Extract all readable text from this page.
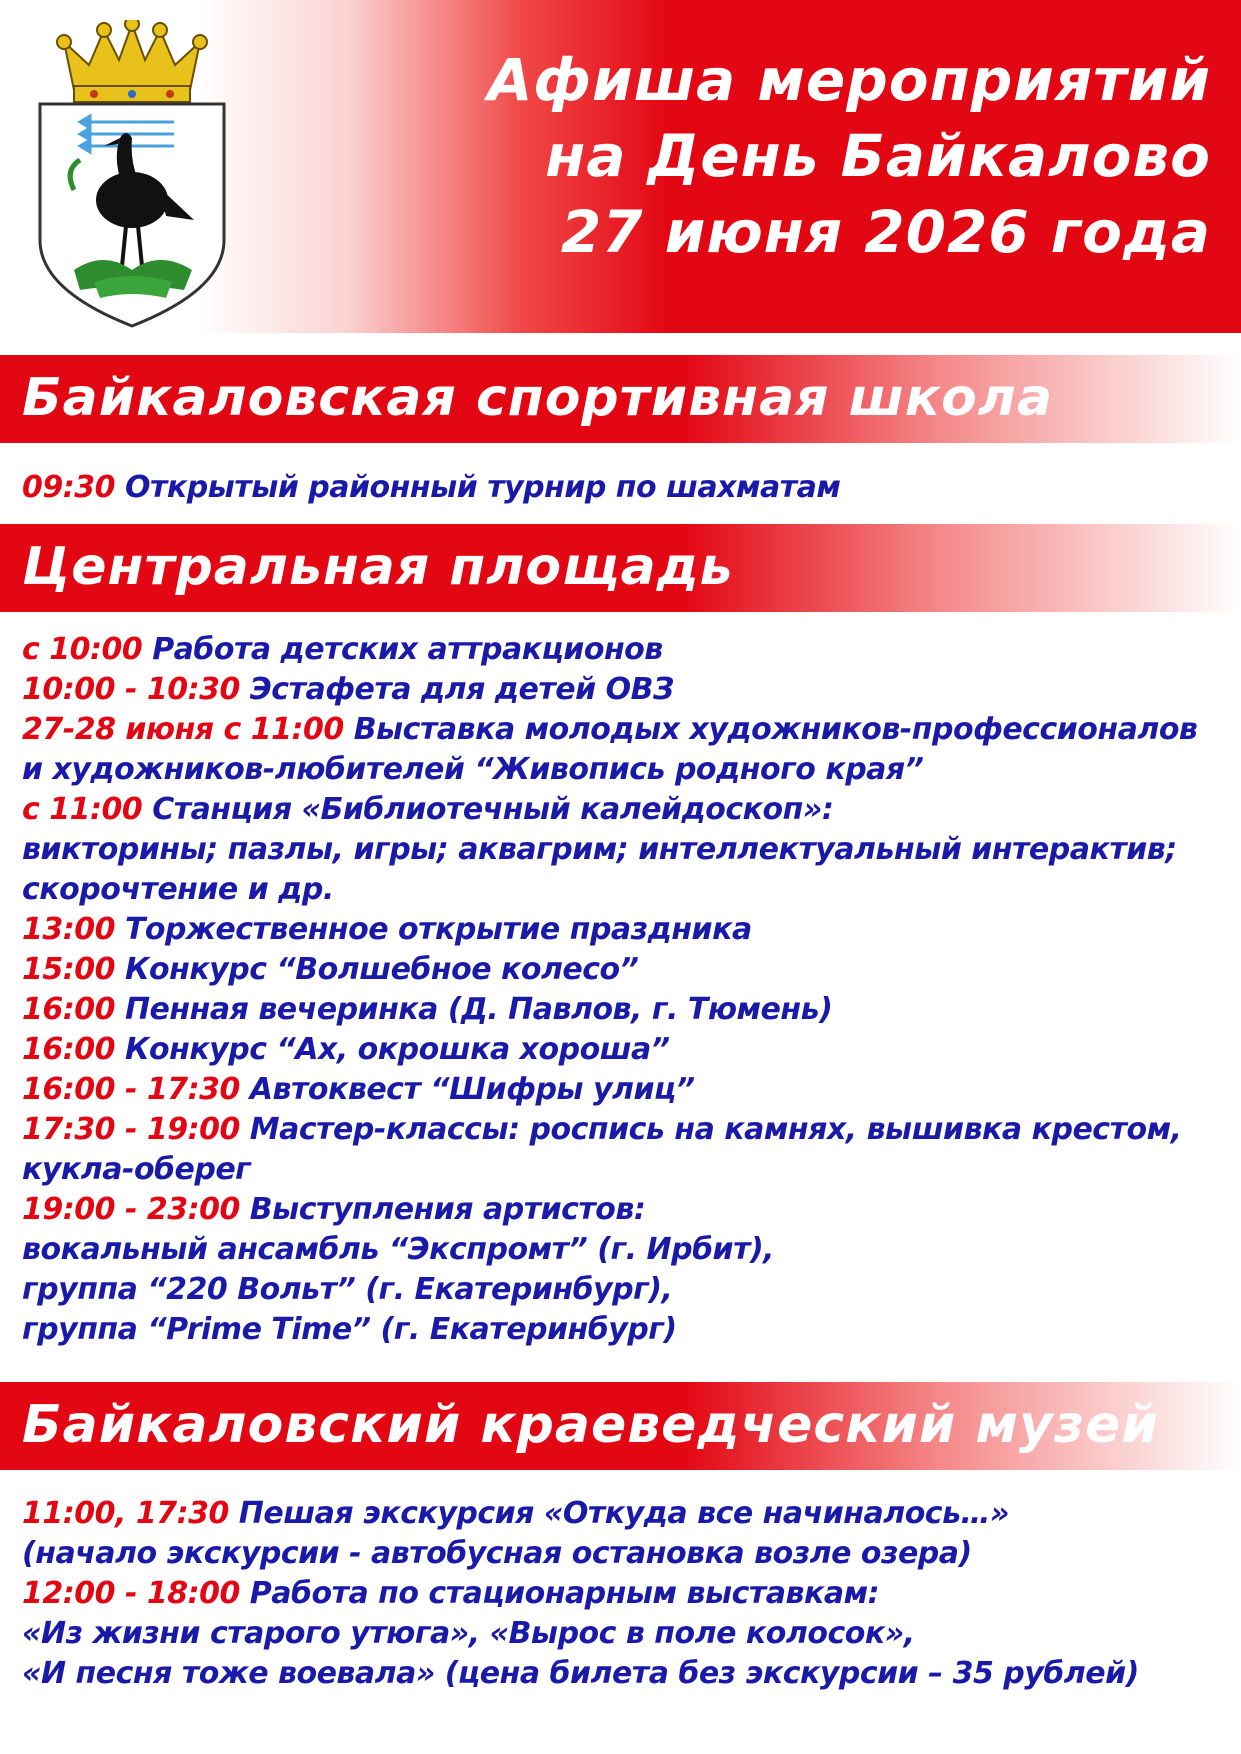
Афиша мероприятий
на День Байкалово
27 июня 2026 года
Байкаловская спортивная школа
09:30 Открытый районный турнир по шахматам
Центральная площадь
с 10:00 Работа детских аттракционов
10:00 - 10:30 Эстафета для детей ОВЗ
27-28 июня с 11:00 Выставка молодых художников-профессионалов
и художников-любителей “Живопись родного края”
с 11:00 Станция «Библиотечный калейдоскоп»:
викторины; пазлы, игры; аквагрим; интеллектуальный интерактив;
скорочтение и др.
13:00 Торжественное открытие праздника
15:00 Конкурс “Волшебное колесо”
16:00 Пенная вечеринка (Д. Павлов, г. Тюмень)
16:00 Конкурс “Ах, окрошка хороша”
16:00 - 17:30 Автоквест “Шифры улиц”
17:30 - 19:00 Мастер-классы: роспись на камнях, вышивка крестом,
кукла-оберег
19:00 - 23:00 Выступления артистов:
вокальный ансамбль “Экспромт” (г. Ирбит),
группа “220 Вольт” (г. Екатеринбург),
группа “Prime Time” (г. Екатеринбург)
Байкаловский краеведческий музей
11:00, 17:30 Пешая экскурсия «Откуда все начиналось…»
(начало экскурсии - автобусная остановка возле озера)
12:00 - 18:00 Работа по стационарным выставкам:
«Из жизни старого утюга», «Вырос в поле колосок»,
«И песня тоже воевала» (цена билета без экскурсии – 35 рублей)
